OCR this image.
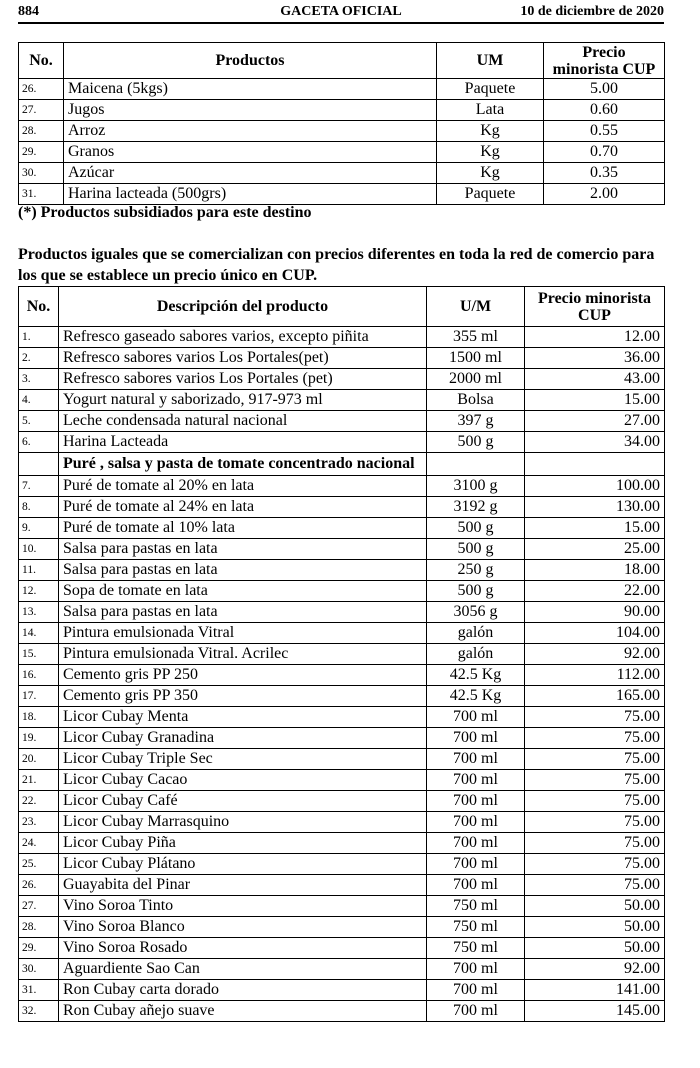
884	GACETA OFICIAL	10 de diciembre de 2020
No.	Productos	UM	Precio minorista CUP
26.	Maicena (5kgs)	Paquete	5.00
27.	Jugos	Lata	0.60
28.	Arroz	Kg	0.55
29.	Granos	Kg	0.70
30.	Azúcar	Kg	0.35
31.	Harina lacteada (500grs)	Paquete	2.00
(*) Productos subsidiados para este destino
Productos iguales que se comercializan con precios diferentes en toda la red de comercio para los que se establece un precio único en CUP.
No.	Descripción del producto	U/M	Precio minorista CUP
1.	Refresco gaseado sabores varios, excepto piñita	355 ml	12.00
2.	Refresco sabores varios Los Portales(pet)	1500 ml	36.00
3.	Refresco sabores varios Los Portales (pet)	2000 ml	43.00
4.	Yogurt natural y saborizado, 917-973 ml	Bolsa	15.00
5.	Leche condensada natural nacional	397 g	27.00
6.	Harina Lacteada	500 g	34.00
	Puré , salsa y pasta de tomate concentrado nacional		
7.	Puré de tomate al 20% en lata	3100 g	100.00
8.	Puré de tomate al 24% en lata	3192 g	130.00
9.	Puré de tomate al 10% lata	500 g	15.00
10.	Salsa para pastas en lata	500 g	25.00
11.	Salsa para pastas en lata	250 g	18.00
12.	Sopa de tomate en lata	500 g	22.00
13.	Salsa para pastas en lata	3056 g	90.00
14.	Pintura emulsionada Vitral	galón	104.00
15.	Pintura emulsionada Vitral. Acrilec	galón	92.00
16.	Cemento gris PP 250	42.5 Kg	112.00
17.	Cemento gris PP 350	42.5 Kg	165.00
18.	Licor Cubay Menta	700 ml	75.00
19.	Licor Cubay Granadina	700 ml	75.00
20.	Licor Cubay Triple Sec	700 ml	75.00
21.	Licor Cubay Cacao	700 ml	75.00
22.	Licor Cubay Café	700 ml	75.00
23.	Licor Cubay Marrasquino	700 ml	75.00
24.	Licor Cubay Piña	700 ml	75.00
25.	Licor Cubay Plátano	700 ml	75.00
26.	Guayabita del Pinar	700 ml	75.00
27.	Vino Soroa Tinto	750 ml	50.00
28.	Vino Soroa Blanco	750 ml	50.00
29.	Vino Soroa Rosado	750 ml	50.00
30.	Aguardiente Sao Can	700 ml	92.00
31.	Ron Cubay carta dorado	700 ml	141.00
32.	Ron Cubay añejo suave	700 ml	145.00
